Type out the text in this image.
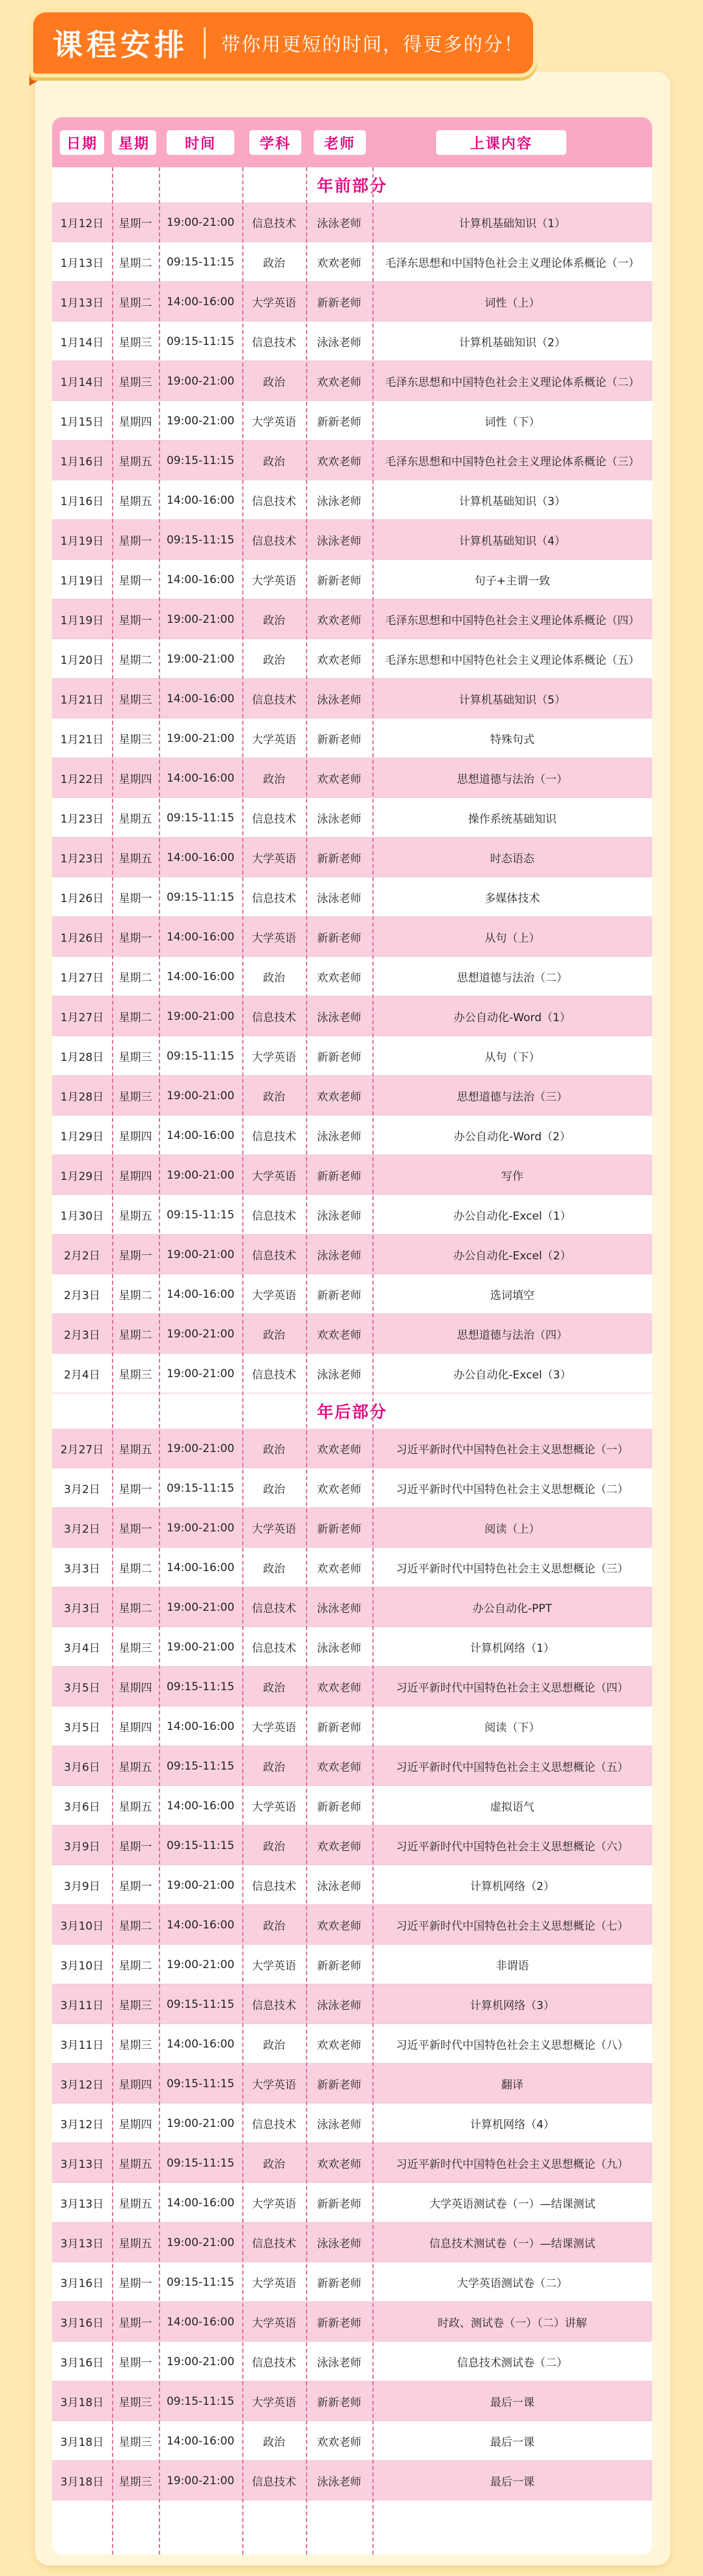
课程安排 带你用更短的时间，得更多的分！
日期	星期	时间	学科	老师	上课内容
年前部分
1月12日	星期一	19:00-21:00	信息技术	泳泳老师	计算机基础知识（1）
1月13日	星期二	09:15-11:15	政治	欢欢老师	毛泽东思想和中国特色社会主义理论体系概论（一）
1月13日	星期二	14:00-16:00	大学英语	新新老师	词性（上）
1月14日	星期三	09:15-11:15	信息技术	泳泳老师	计算机基础知识（2）
1月14日	星期三	19:00-21:00	政治	欢欢老师	毛泽东思想和中国特色社会主义理论体系概论（二）
1月15日	星期四	19:00-21:00	大学英语	新新老师	词性（下）
1月16日	星期五	09:15-11:15	政治	欢欢老师	毛泽东思想和中国特色社会主义理论体系概论（三）
1月16日	星期五	14:00-16:00	信息技术	泳泳老师	计算机基础知识（3）
1月19日	星期一	09:15-11:15	信息技术	泳泳老师	计算机基础知识（4）
1月19日	星期一	14:00-16:00	大学英语	新新老师	句子+主谓一致
1月19日	星期一	19:00-21:00	政治	欢欢老师	毛泽东思想和中国特色社会主义理论体系概论（四）
1月20日	星期二	19:00-21:00	政治	欢欢老师	毛泽东思想和中国特色社会主义理论体系概论（五）
1月21日	星期三	14:00-16:00	信息技术	泳泳老师	计算机基础知识（5）
1月21日	星期三	19:00-21:00	大学英语	新新老师	特殊句式
1月22日	星期四	14:00-16:00	政治	欢欢老师	思想道德与法治（一）
1月23日	星期五	09:15-11:15	信息技术	泳泳老师	操作系统基础知识
1月23日	星期五	14:00-16:00	大学英语	新新老师	时态语态
1月26日	星期一	09:15-11:15	信息技术	泳泳老师	多媒体技术
1月26日	星期一	14:00-16:00	大学英语	新新老师	从句（上）
1月27日	星期二	14:00-16:00	政治	欢欢老师	思想道德与法治（二）
1月27日	星期二	19:00-21:00	信息技术	泳泳老师	办公自动化-Word（1）
1月28日	星期三	09:15-11:15	大学英语	新新老师	从句（下）
1月28日	星期三	19:00-21:00	政治	欢欢老师	思想道德与法治（三）
1月29日	星期四	14:00-16:00	信息技术	泳泳老师	办公自动化-Word（2）
1月29日	星期四	19:00-21:00	大学英语	新新老师	写作
1月30日	星期五	09:15-11:15	信息技术	泳泳老师	办公自动化-Excel（1）
2月2日	星期一	19:00-21:00	信息技术	泳泳老师	办公自动化-Excel（2）
2月3日	星期二	14:00-16:00	大学英语	新新老师	选词填空
2月3日	星期二	19:00-21:00	政治	欢欢老师	思想道德与法治（四）
2月4日	星期三	19:00-21:00	信息技术	泳泳老师	办公自动化-Excel（3）
年后部分
2月27日	星期五	19:00-21:00	政治	欢欢老师	习近平新时代中国特色社会主义思想概论（一）
3月2日	星期一	09:15-11:15	政治	欢欢老师	习近平新时代中国特色社会主义思想概论（二）
3月2日	星期一	19:00-21:00	大学英语	新新老师	阅读（上）
3月3日	星期二	14:00-16:00	政治	欢欢老师	习近平新时代中国特色社会主义思想概论（三）
3月3日	星期二	19:00-21:00	信息技术	泳泳老师	办公自动化-PPT
3月4日	星期三	19:00-21:00	信息技术	泳泳老师	计算机网络（1）
3月5日	星期四	09:15-11:15	政治	欢欢老师	习近平新时代中国特色社会主义思想概论（四）
3月5日	星期四	14:00-16:00	大学英语	新新老师	阅读（下）
3月6日	星期五	09:15-11:15	政治	欢欢老师	习近平新时代中国特色社会主义思想概论（五）
3月6日	星期五	14:00-16:00	大学英语	新新老师	虚拟语气
3月9日	星期一	09:15-11:15	政治	欢欢老师	习近平新时代中国特色社会主义思想概论（六）
3月9日	星期一	19:00-21:00	信息技术	泳泳老师	计算机网络（2）
3月10日	星期二	14:00-16:00	政治	欢欢老师	习近平新时代中国特色社会主义思想概论（七）
3月10日	星期二	19:00-21:00	大学英语	新新老师	非谓语
3月11日	星期三	09:15-11:15	信息技术	泳泳老师	计算机网络（3）
3月11日	星期三	14:00-16:00	政治	欢欢老师	习近平新时代中国特色社会主义思想概论（八）
3月12日	星期四	09:15-11:15	大学英语	新新老师	翻译
3月12日	星期四	19:00-21:00	信息技术	泳泳老师	计算机网络（4）
3月13日	星期五	09:15-11:15	政治	欢欢老师	习近平新时代中国特色社会主义思想概论（九）
3月13日	星期五	14:00-16:00	大学英语	新新老师	大学英语测试卷（一）—结课测试
3月13日	星期五	19:00-21:00	信息技术	泳泳老师	信息技术测试卷（一）—结课测试
3月16日	星期一	09:15-11:15	大学英语	新新老师	大学英语测试卷（二）
3月16日	星期一	14:00-16:00	大学英语	新新老师	时政、测试卷（一）（二）讲解
3月16日	星期一	19:00-21:00	信息技术	泳泳老师	信息技术测试卷（二）
3月18日	星期三	09:15-11:15	大学英语	新新老师	最后一课
3月18日	星期三	14:00-16:00	政治	欢欢老师	最后一课
3月18日	星期三	19:00-21:00	信息技术	泳泳老师	最后一课
